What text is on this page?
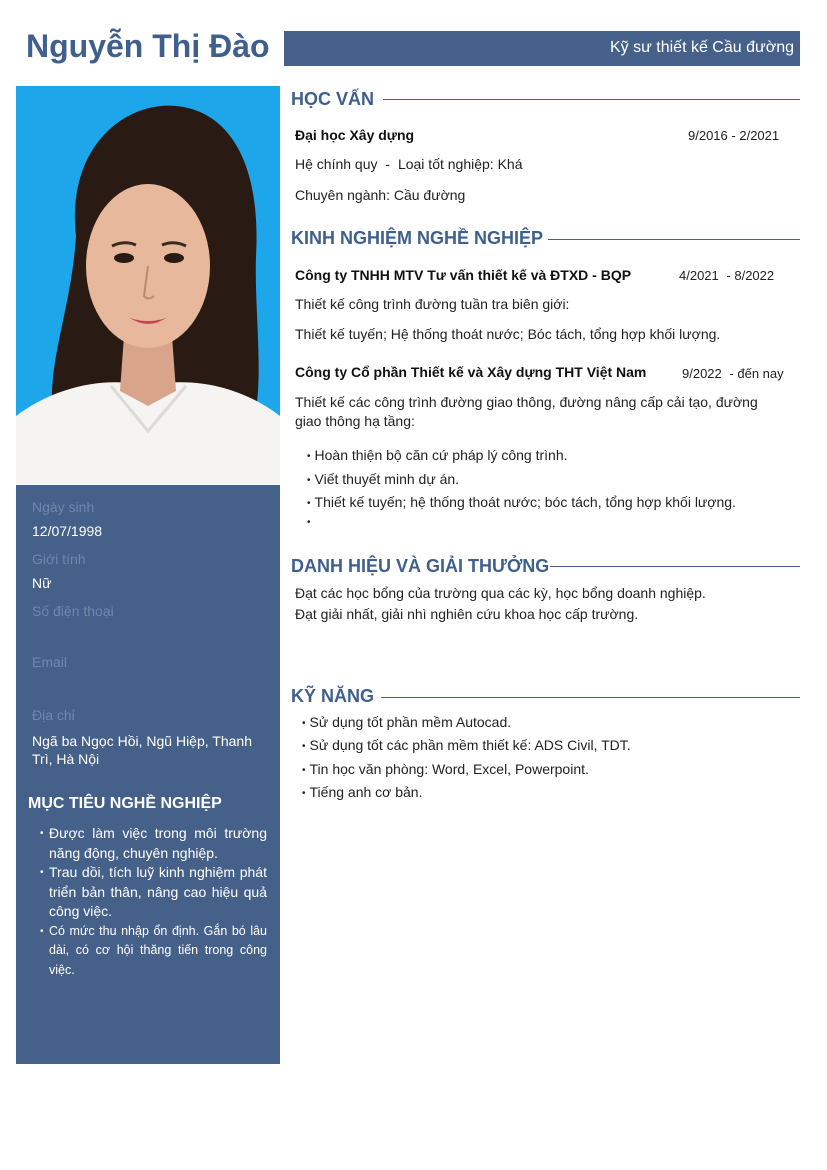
Nguyễn Thị Đào	Kỹ sư thiết kế Cầu đường
Ngày sinh
12/07/1998
Giới tính
Nữ
Số điện thoại
Email
Địa chỉ
Ngã ba Ngọc Hồi, Ngũ Hiệp, Thanh Trì, Hà Nội
MỤC TIÊU NGHỀ NGHIỆP
• Được làm việc trong môi trường năng động, chuyên nghiệp.
• Trau dồi, tích luỹ kinh nghiệm phát triển bản thân, nâng cao hiệu quả công việc.
• Có mức thu nhập ổn định. Gắn bó lâu dài, có cơ hội thăng tiến trong công việc.
HỌC VẤN
Đại học Xây dựng	9/2016 - 2/2021
Hệ chính quy - Loại tốt nghiệp: Khá
Chuyên ngành: Cầu đường
KINH NGHIỆM NGHỀ NGHIỆP
Công ty TNHH MTV Tư vấn thiết kế và ĐTXD - BQP	4/2021 - 8/2022
Thiết kế công trình đường tuần tra biên giới:
Thiết kế tuyến; Hệ thống thoát nước; Bóc tách, tổng hợp khối lượng.
Công ty Cổ phần Thiết kế và Xây dựng THT Việt Nam	9/2022 - đến nay
Thiết kế các công trình đường giao thông, đường nâng cấp cải tạo, đường
giao thông hạ tầng:
• Hoàn thiện bộ căn cứ pháp lý công trình.
• Viết thuyết minh dự án.
• Thiết kế tuyến; hệ thống thoát nước; bóc tách, tổng hợp khối lượng.
•
DANH HIỆU VÀ GIẢI THƯỞNG
Đạt các học bổng của trường qua các kỳ, học bổng doanh nghiệp.
Đạt giải nhất, giải nhì nghiên cứu khoa học cấp trường.
KỸ NĂNG
• Sử dụng tốt phần mềm Autocad.
• Sử dụng tốt các phần mềm thiết kế: ADS Civil, TDT.
• Tin học văn phòng: Word, Excel, Powerpoint.
• Tiếng anh cơ bản.
